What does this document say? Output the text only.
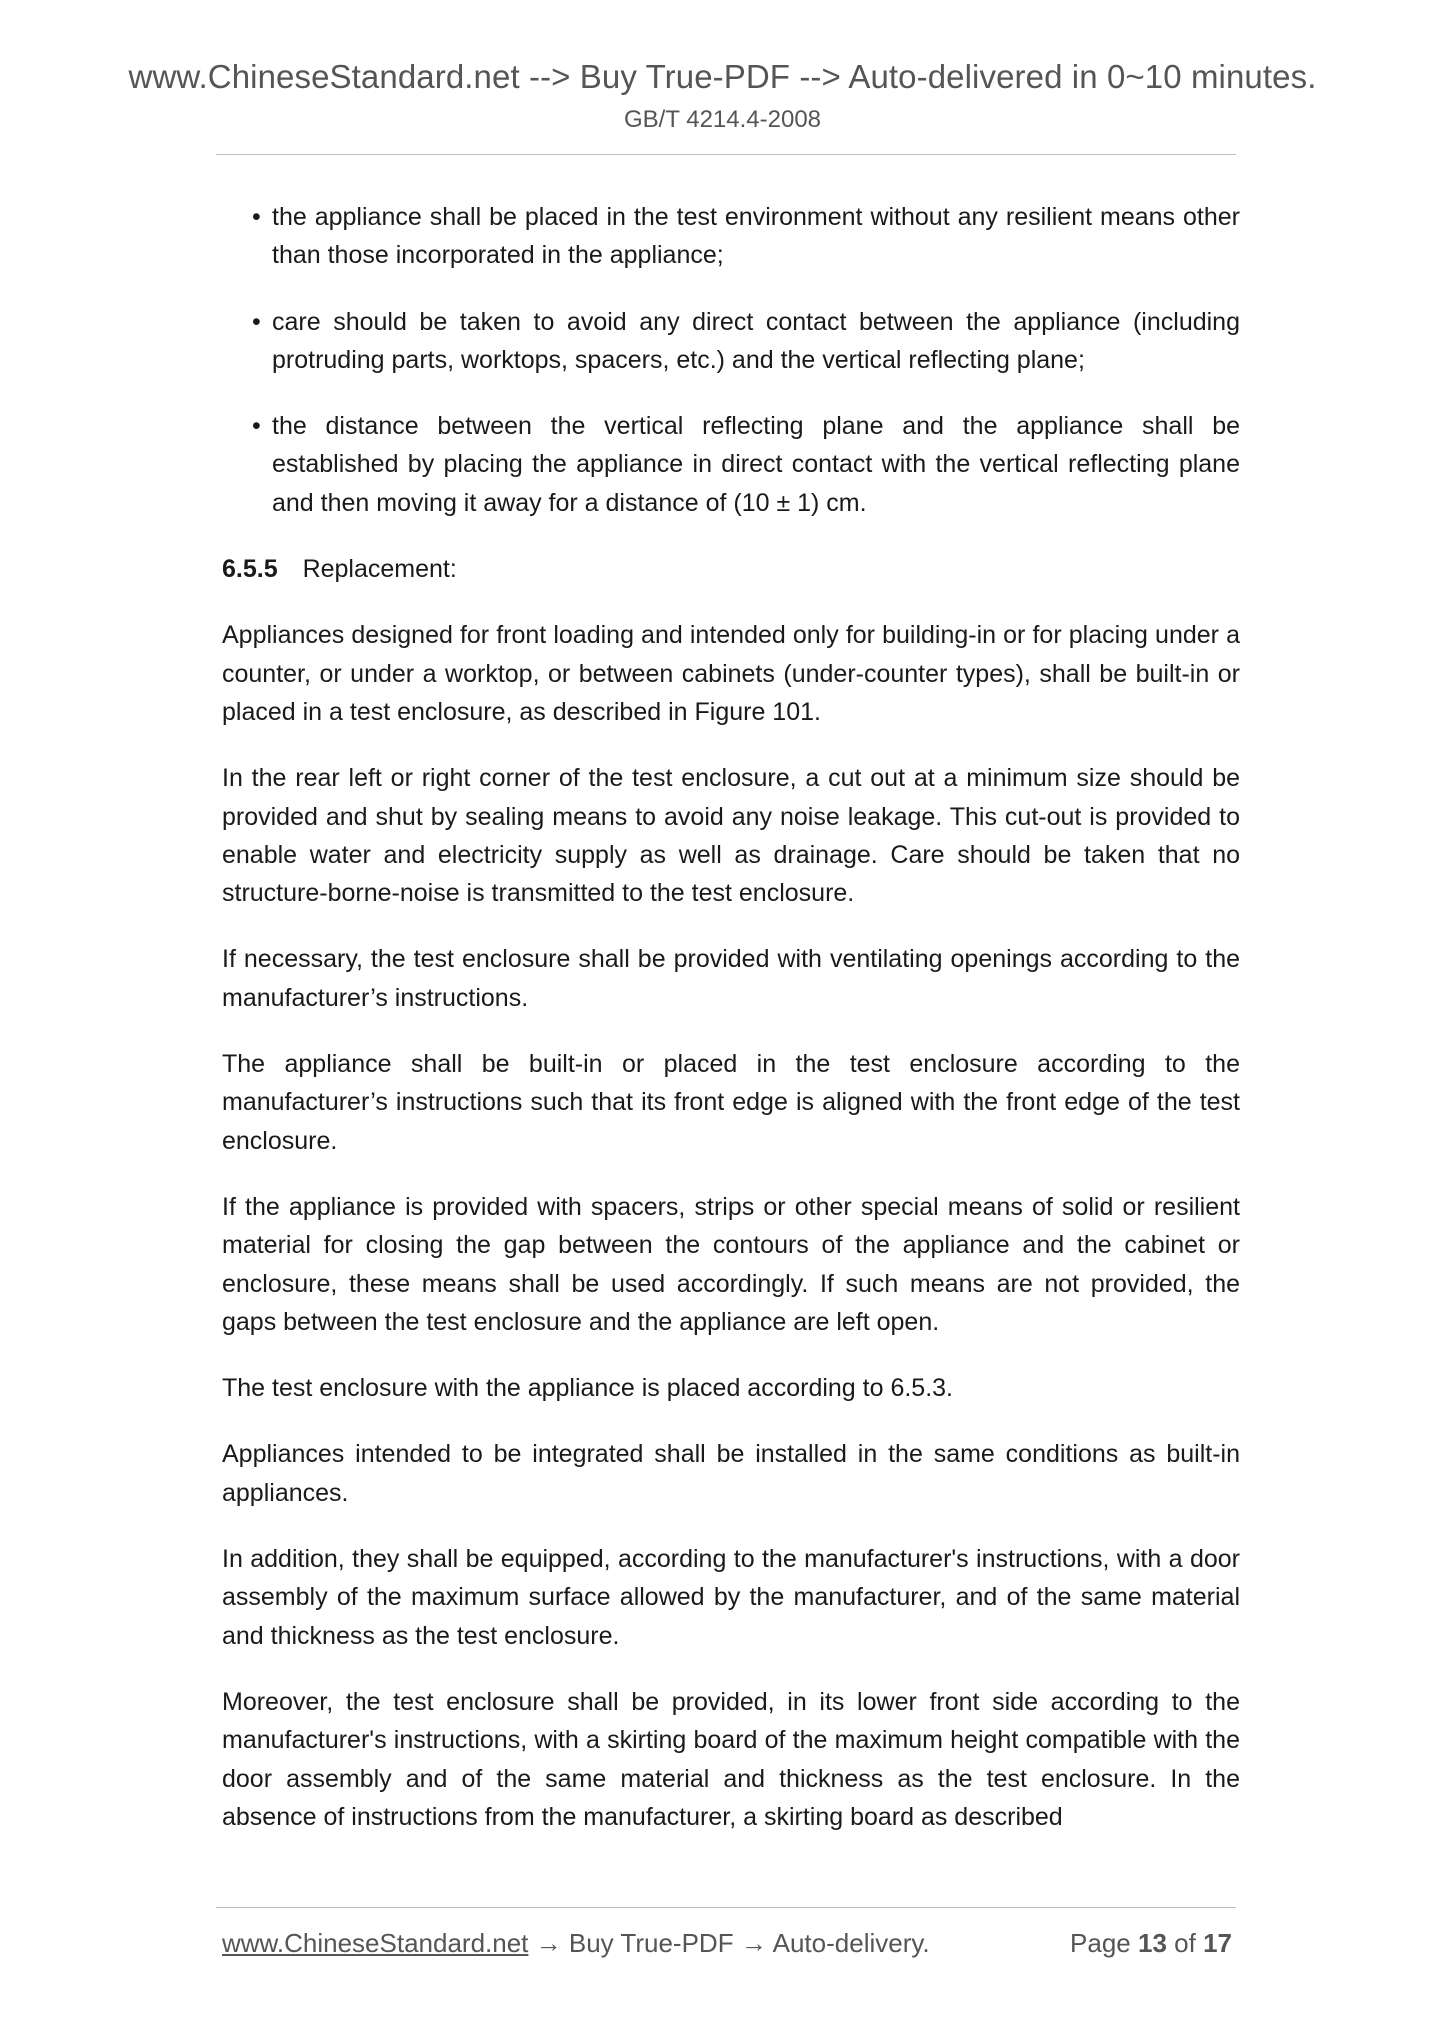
www.ChineseStandard.net --> Buy True-PDF --> Auto-delivered in 0~10 minutes.
GB/T 4214.4-2008
• the appliance shall be placed in the test environment without any resilient means other than those incorporated in the appliance;
• care should be taken to avoid any direct contact between the appliance (including protruding parts, worktops, spacers, etc.) and the vertical reflecting plane;
• the distance between the vertical reflecting plane and the appliance shall be established by placing the appliance in direct contact with the vertical reflecting plane and then moving it away for a distance of (10 ± 1) cm.
6.5.5 Replacement:

Appliances designed for front loading and intended only for building-in or for placing under a counter, or under a worktop, or between cabinets (under-counter types), shall be built-in or placed in a test enclosure, as described in Figure 101.

In the rear left or right corner of the test enclosure, a cut out at a minimum size should be provided and shut by sealing means to avoid any noise leakage. This cut-out is provided to enable water and electricity supply as well as drainage. Care should be taken that no structure-borne-noise is transmitted to the test enclosure.

If necessary, the test enclosure shall be provided with ventilating openings according to the manufacturer’s instructions.

The appliance shall be built-in or placed in the test enclosure according to the manufacturer’s instructions such that its front edge is aligned with the front edge of the test enclosure.

If the appliance is provided with spacers, strips or other special means of solid or resilient material for closing the gap between the contours of the appliance and the cabinet or enclosure, these means shall be used accordingly. If such means are not provided, the gaps between the test enclosure and the appliance are left open.

The test enclosure with the appliance is placed according to 6.5.3.

Appliances intended to be integrated shall be installed in the same conditions as built-in appliances.

In addition, they shall be equipped, according to the manufacturer's instructions, with a door assembly of the maximum surface allowed by the manufacturer, and of the same material and thickness as the test enclosure.

Moreover, the test enclosure shall be provided, in its lower front side according to the manufacturer's instructions, with a skirting board of the maximum height compatible with the door assembly and of the same material and thickness as the test enclosure. In the absence of instructions from the manufacturer, a skirting board as described

www.ChineseStandard.net → Buy True-PDF → Auto-delivery.	Page 13 of 17
